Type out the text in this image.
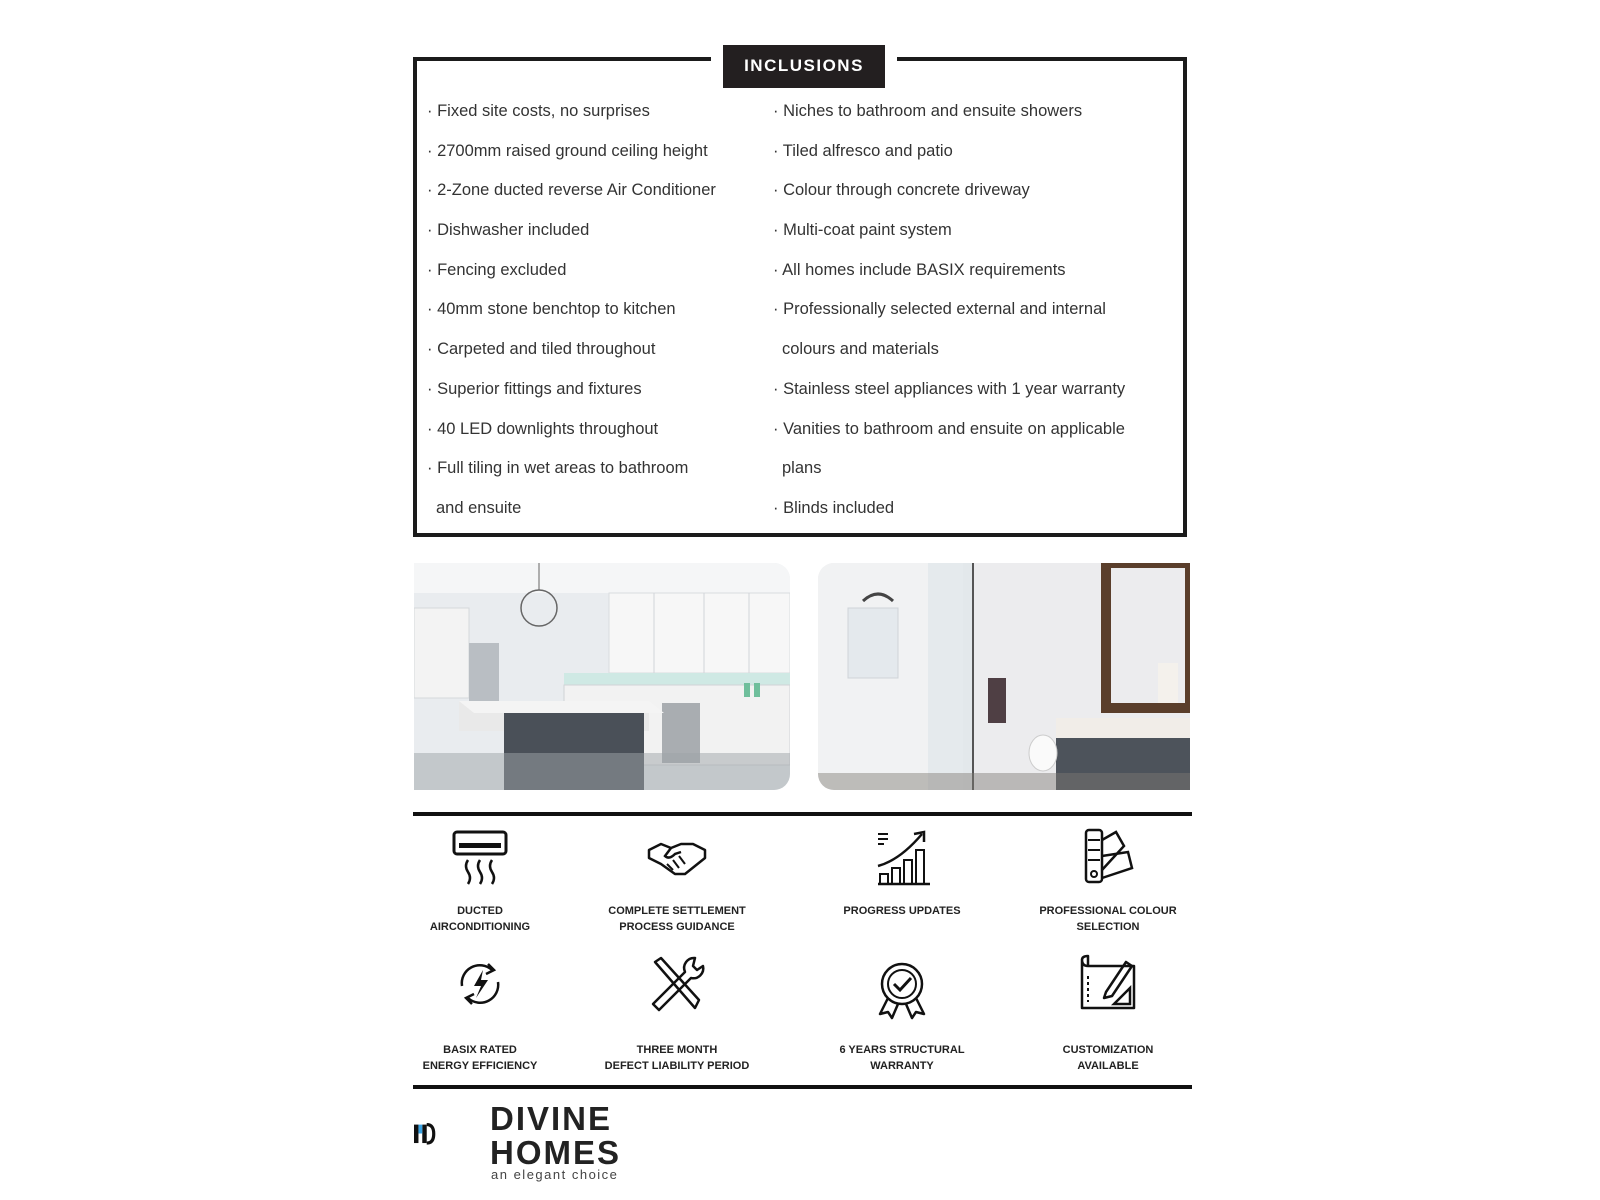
INCLUSIONS
· Fixed site costs, no surprises
· 2700mm raised ground ceiling height
· 2-Zone ducted reverse Air Conditioner
· Dishwasher included
· Fencing excluded
· 40mm stone benchtop to kitchen
· Carpeted and tiled throughout
· Superior fittings and fixtures
· 40 LED downlights throughout
· Full tiling in wet areas to bathroom
and ensuite
· Niches to bathroom and ensuite showers
· Tiled alfresco and patio
· Colour through concrete driveway
· Multi-coat paint system
· All homes include BASIX requirements
· Professionally selected external and internal
colours and materials
· Stainless steel appliances with 1 year warranty
· Vanities to bathroom and ensuite on applicable
plans
· Blinds included
DUCTED
AIRCONDITIONING
COMPLETE SETTLEMENT
PROCESS GUIDANCE
PROGRESS UPDATES	PROFESSIONAL COLOUR
SELECTION
BASIX RATED
ENERGY EFFICIENCY
THREE MONTH
DEFECT LIABILITY PERIOD
6 YEARS STRUCTURAL
WARRANTY
CUSTOMIZATION
AVAILABLE
DIVINE
HOMES
an elegant choice
